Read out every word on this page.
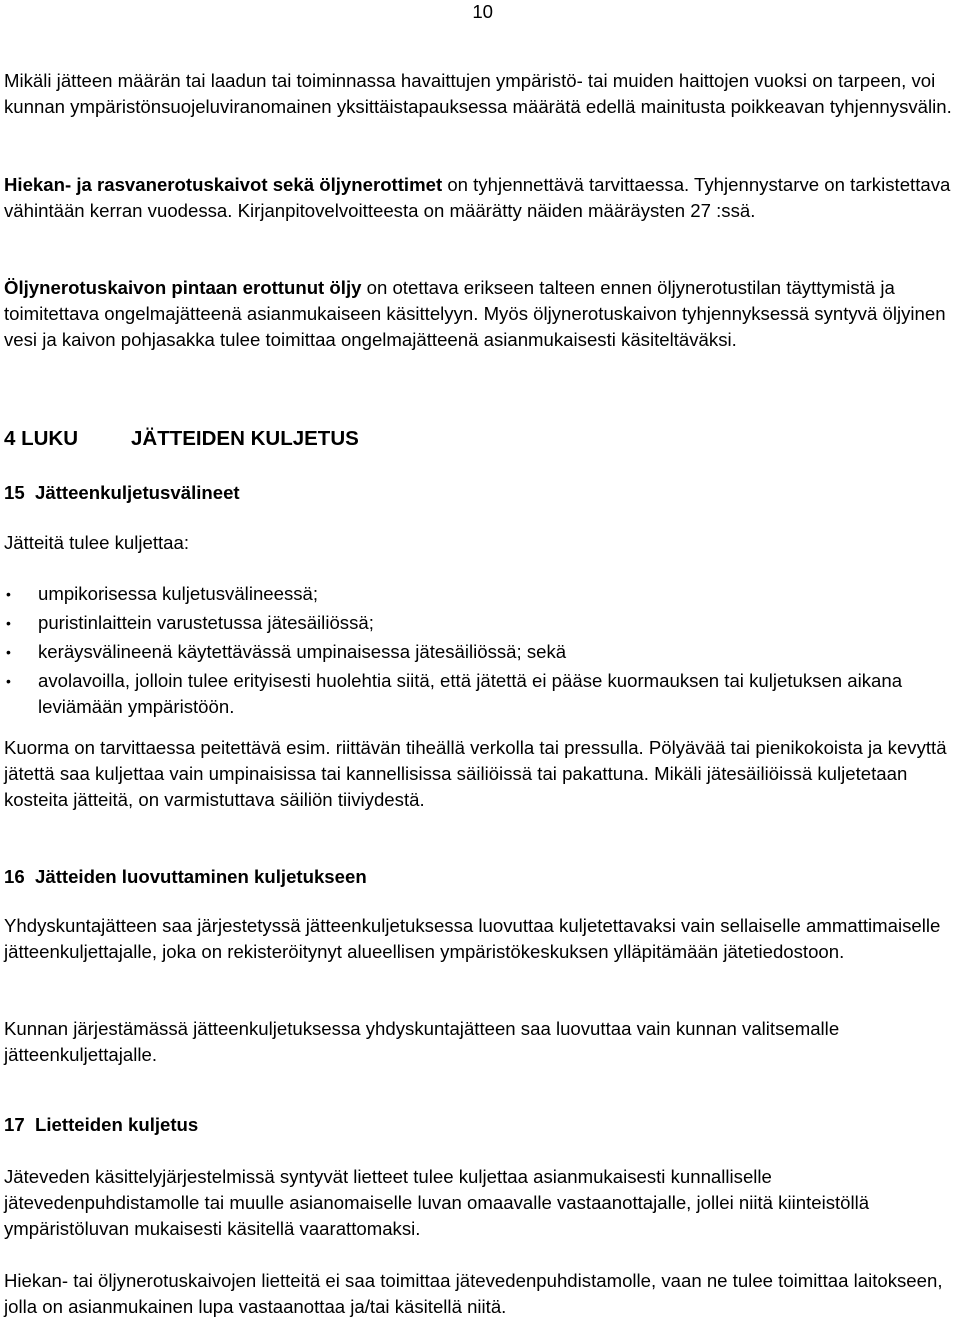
10

Mikäli jätteen määrän tai laadun tai toiminnassa havaittujen ympäristö- tai muiden haittojen vuoksi on tarpeen, voi kunnan ympäristönsuojeluviranomainen yksittäistapauksessa määrätä edellä mainitusta poikkeavan tyhjennysvälin.

Hiekan- ja rasvanerotuskaivot sekä öljynerottimet on tyhjennettävä tarvittaessa. Tyhjennystarve on tarkistettava vähintään kerran vuodessa. Kirjanpitovelvoitteesta on määrätty näiden määräysten 27 :ssä.

Öljynerotuskaivon pintaan erottunut öljy on otettava erikseen talteen ennen öljynerotustilan täyttymistä ja toimitettava ongelmajätteenä asianmukaiseen käsittelyyn. Myös öljynerotuskaivon tyhjennyksessä syntyvä öljyinen vesi ja kaivon pohjasakka tulee toimittaa ongelmajätteenä asianmukaisesti käsiteltäväksi.

4 LUKU	JÄTTEIDEN KULJETUS
15  Jätteenkuljetusvälineet

Jätteitä tulee kuljettaa:

• umpikorisessa kuljetusvälineessä;
• puristinlaittein varustetussa jätesäiliössä;
• keräysvälineenä käytettävässä umpinaisessa jätesäiliössä; sekä
• avolavoilla, jolloin tulee erityisesti huolehtia siitä, että jätettä ei pääse kuormauksen tai kuljetuksen aikana leviämään ympäristöön.

Kuorma on tarvittaessa peitettävä esim. riittävän tiheällä verkolla tai pressulla. Pölyävää tai pienikokoista ja kevyttä jätettä saa kuljettaa vain umpinaisissa tai kannellisissa säiliöissä tai pakattuna. Mikäli jätesäiliöissä kuljetetaan kosteita jätteitä, on varmistuttava säiliön tiiviydestä.

16  Jätteiden luovuttaminen kuljetukseen

Yhdyskuntajätteen saa järjestetyssä jätteenkuljetuksessa luovuttaa kuljetettavaksi vain sellaiselle ammattimaiselle jätteenkuljettajalle, joka on rekisteröitynyt alueellisen ympäristökeskuksen ylläpitämään jätetiedostoon.

Kunnan järjestämässä jätteenkuljetuksessa yhdyskuntajätteen saa luovuttaa vain kunnan valitsemalle jätteenkuljettajalle.

17  Lietteiden kuljetus

Jäteveden käsittelyjärjestelmissä syntyvät lietteet tulee kuljettaa asianmukaisesti kunnalliselle jätevedenpuhdistamolle tai muulle asianomaiselle luvan omaavalle vastaanottajalle, jollei niitä kiinteistöllä ympäristöluvan mukaisesti käsitellä vaarattomaksi.

Hiekan- tai öljynerotuskaivojen lietteitä ei saa toimittaa jätevedenpuhdistamolle, vaan ne tulee toimittaa laitokseen, jolla on asianmukainen lupa vastaanottaa ja/tai käsitellä niitä.
